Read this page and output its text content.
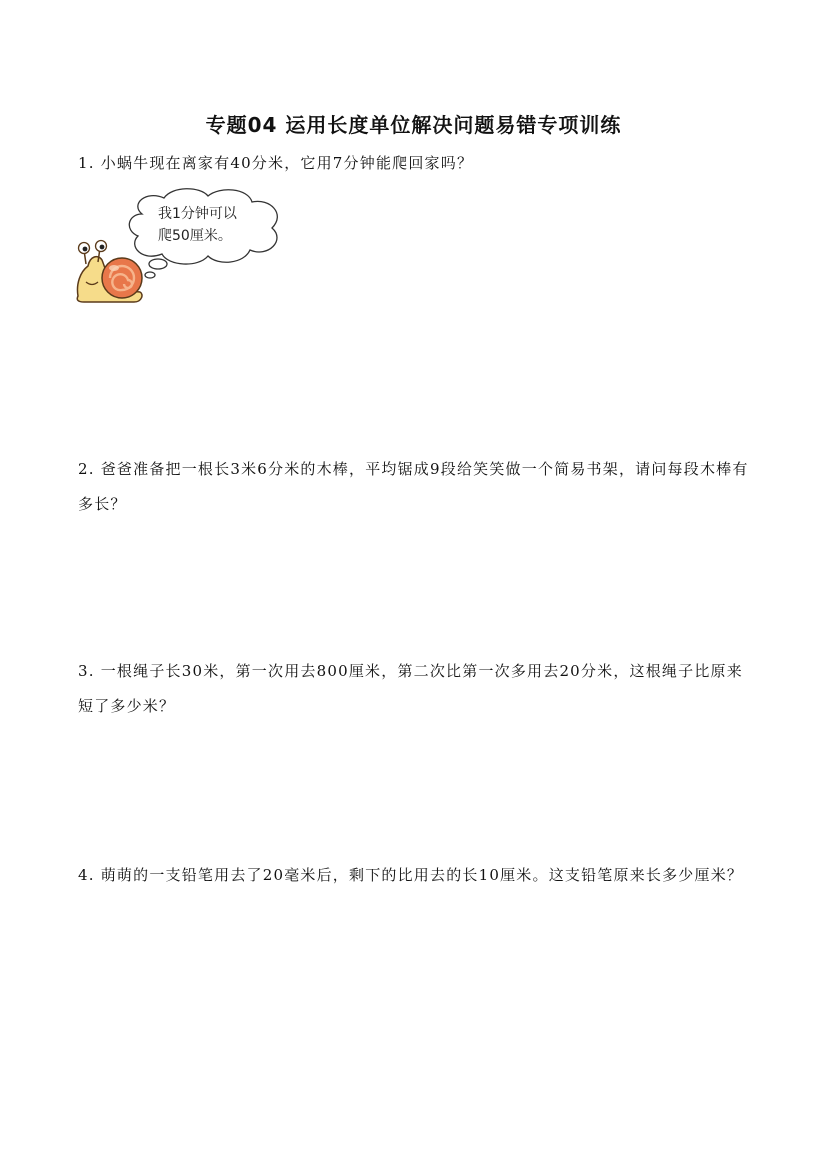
专题04 运用长度单位解决问题易错专项训练
1. 小蜗牛现在离家有40分米，它用7分钟能爬回家吗？
我1分钟可以
爬50厘米。
2. 爸爸准备把一根长3米6分米的木棒，平均锯成9段给笑笑做一个简易书架，请问每段木棒有多长？
3. 一根绳子长30米，第一次用去800厘米，第二次比第一次多用去20分米，这根绳子比原来短了多少米？
4. 萌萌的一支铅笔用去了20毫米后，剩下的比用去的长10厘米。这支铅笔原来长多少厘米？
